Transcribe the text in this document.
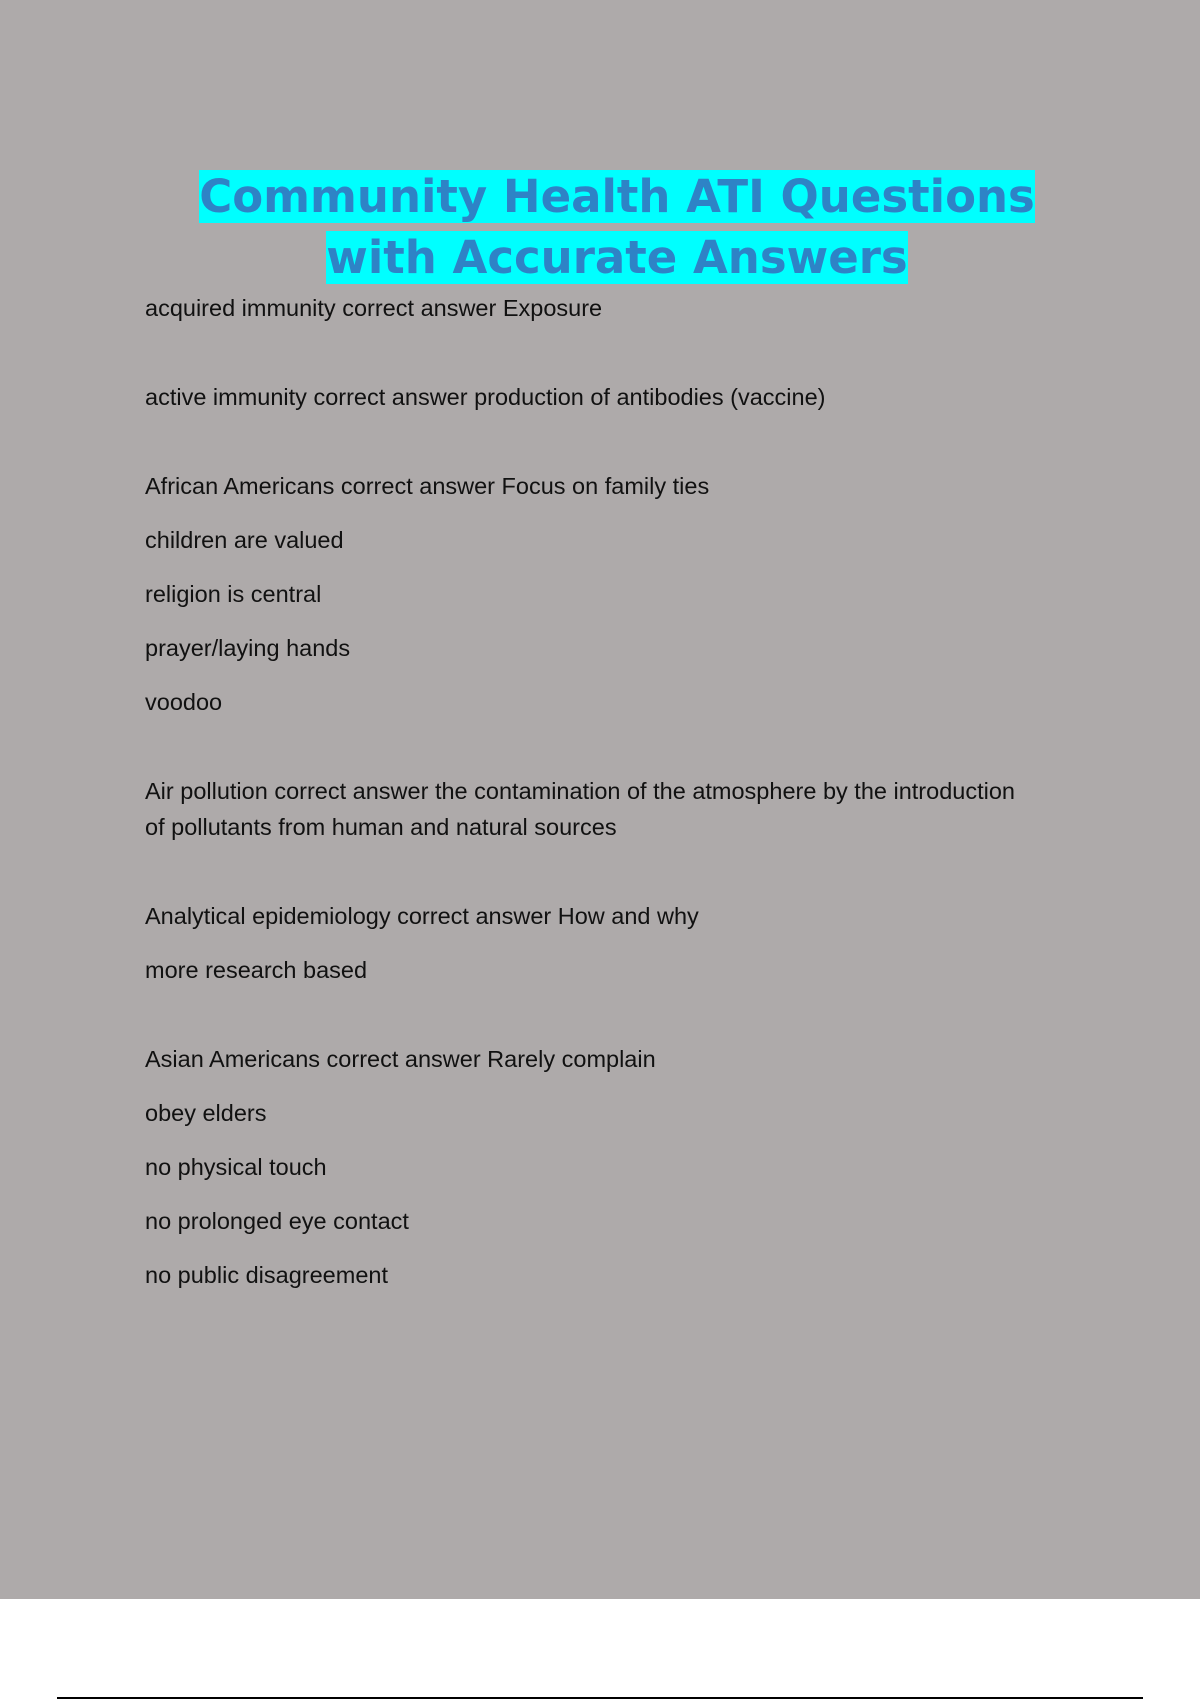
Community Health ATI Questions
with Accurate Answers

acquired immunity correct answer Exposure

active immunity correct answer production of antibodies (vaccine)

African Americans correct answer Focus on family ties

children are valued

religion is central

prayer/laying hands

voodoo

Air pollution correct answer the contamination of the atmosphere by the introduction of pollutants from human and natural sources

Analytical epidemiology correct answer How and why

more research based

Asian Americans correct answer Rarely complain

obey elders

no physical touch

no prolonged eye contact

no public disagreement
